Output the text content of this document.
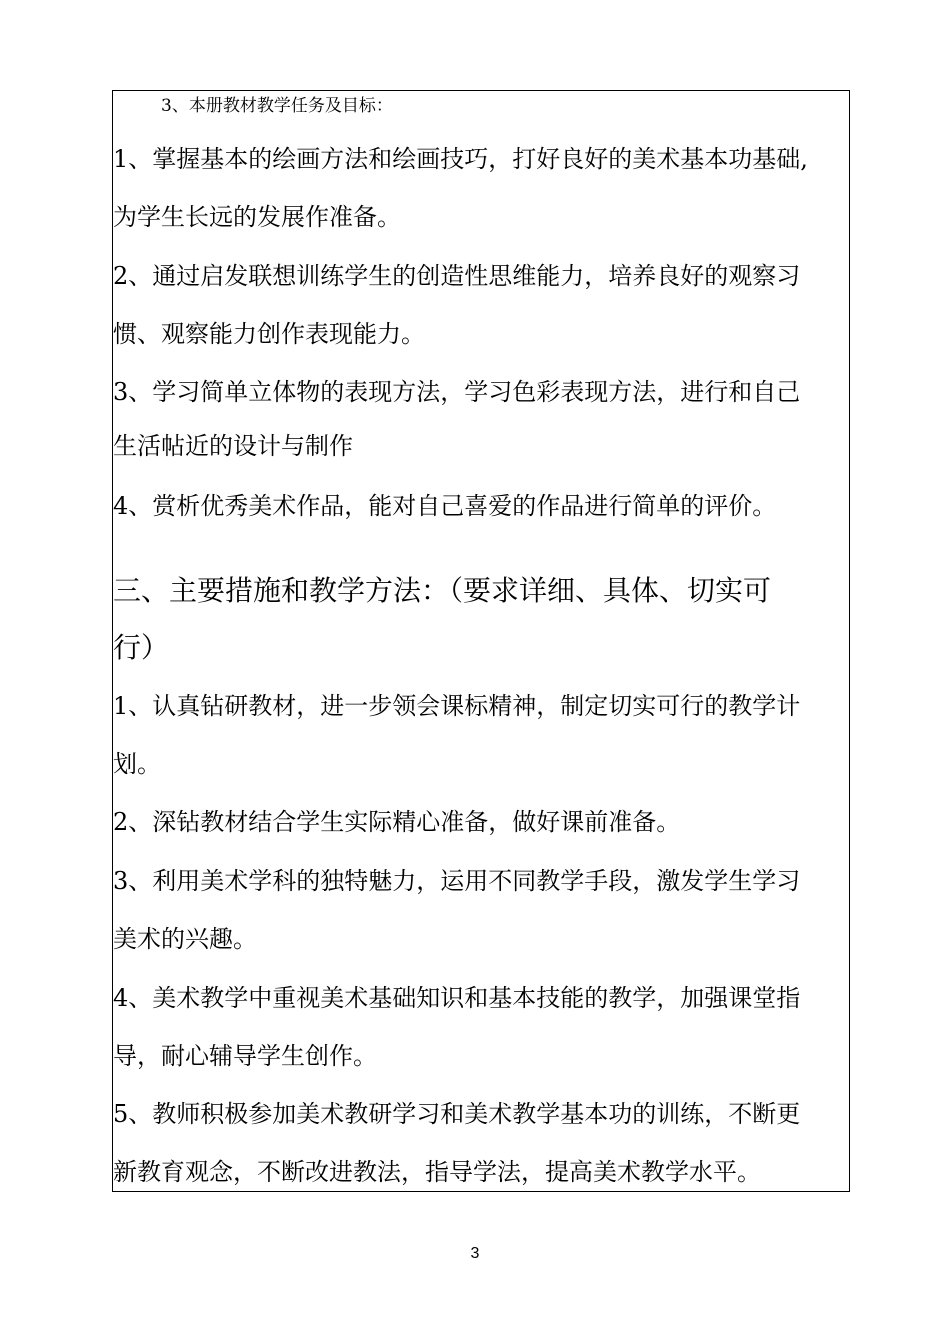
3、本册教材教学任务及目标：
1、掌握基本的绘画方法和绘画技巧，打好良好的美术基本功基础,
为学生长远的发展作准备。
2、通过启发联想训练学生的创造性思维能力，培养良好的观察习
惯、观察能力创作表现能力。
3、学习简单立体物的表现方法，学习色彩表现方法，进行和自己
生活帖近的设计与制作
4、赏析优秀美术作品，能对自己喜爱的作品进行简单的评价。
三、主要措施和教学方法：（要求详细、具体、切实可
行）
1、认真钻研教材，进一步领会课标精神，制定切实可行的教学计
划。
2、深钻教材结合学生实际精心准备，做好课前准备。
3、利用美术学科的独特魅力，运用不同教学手段，激发学生学习
美术的兴趣。
4、美术教学中重视美术基础知识和基本技能的教学，加强课堂指
导，耐心辅导学生创作。
5、教师积极参加美术教研学习和美术教学基本功的训练，不断更
新教育观念，不断改进教法，指导学法，提高美术教学水平。
3
